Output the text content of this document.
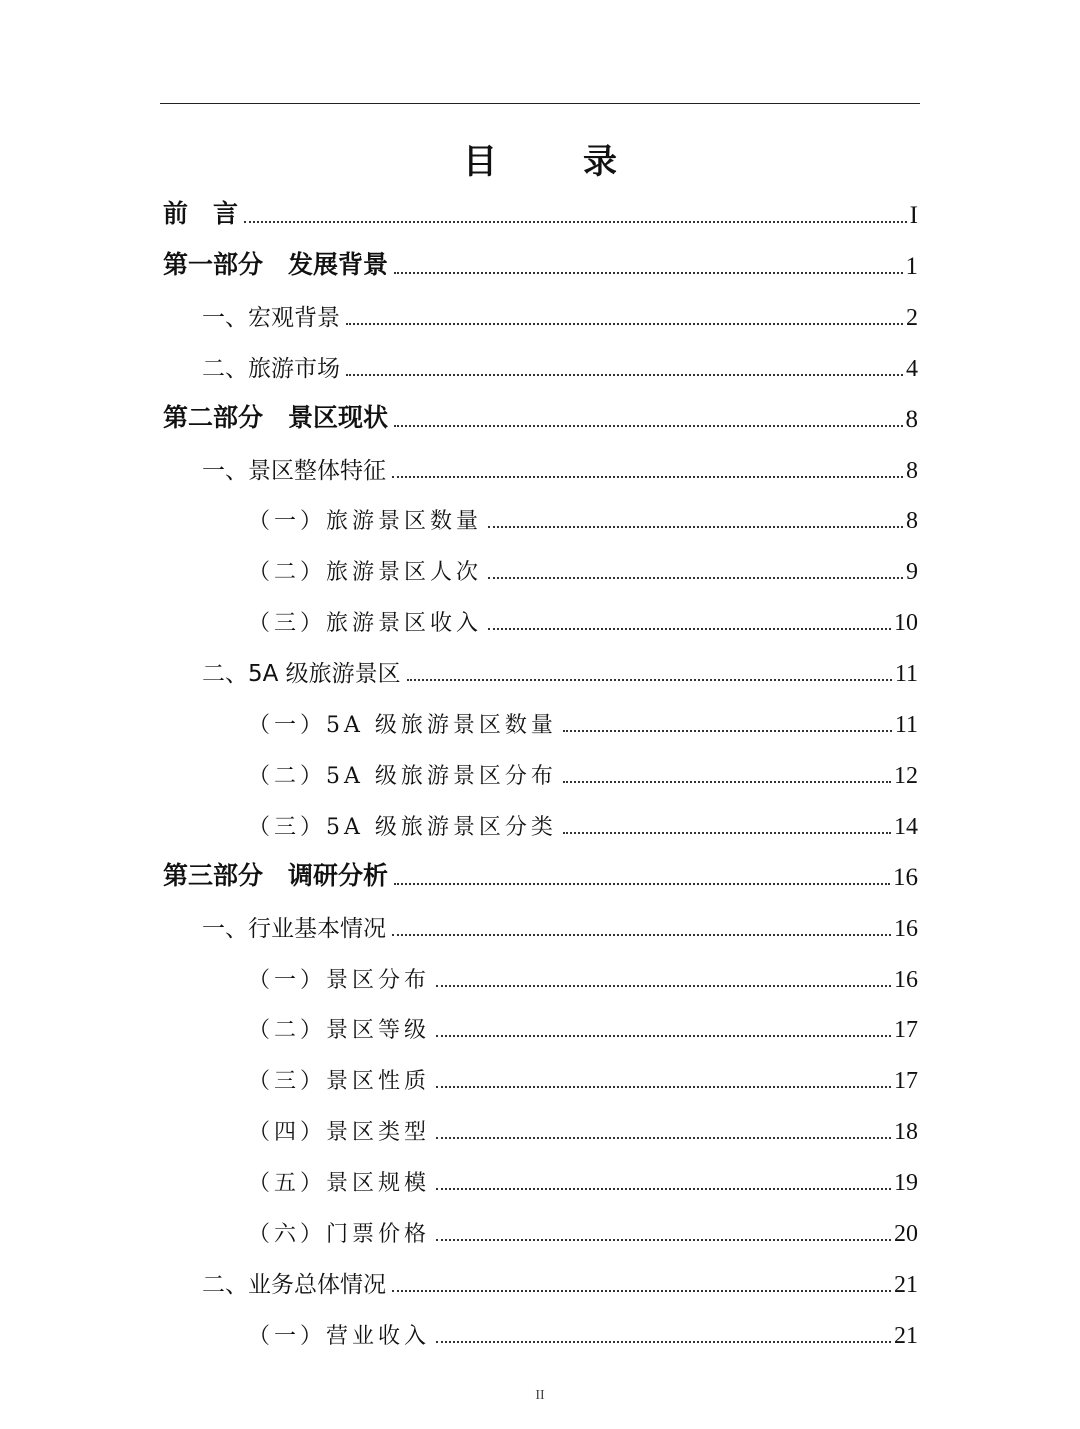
目　录
前　言	I
第一部分　发展背景	1
一、宏观背景	2
二、旅游市场	4
第二部分　景区现状	8
一、景区整体特征	8
（一）旅游景区数量	8
（二）旅游景区人次	9
（三）旅游景区收入	10
二、5A 级旅游景区	11
（一）5A 级旅游景区数量	11
（二）5A 级旅游景区分布	12
（三）5A 级旅游景区分类	14
第三部分　调研分析	16
一、行业基本情况	16
（一）景区分布	16
（二）景区等级	17
（三）景区性质	17
（四）景区类型	18
（五）景区规模	19
（六）门票价格	20
二、业务总体情况	21
（一）营业收入	21
II
